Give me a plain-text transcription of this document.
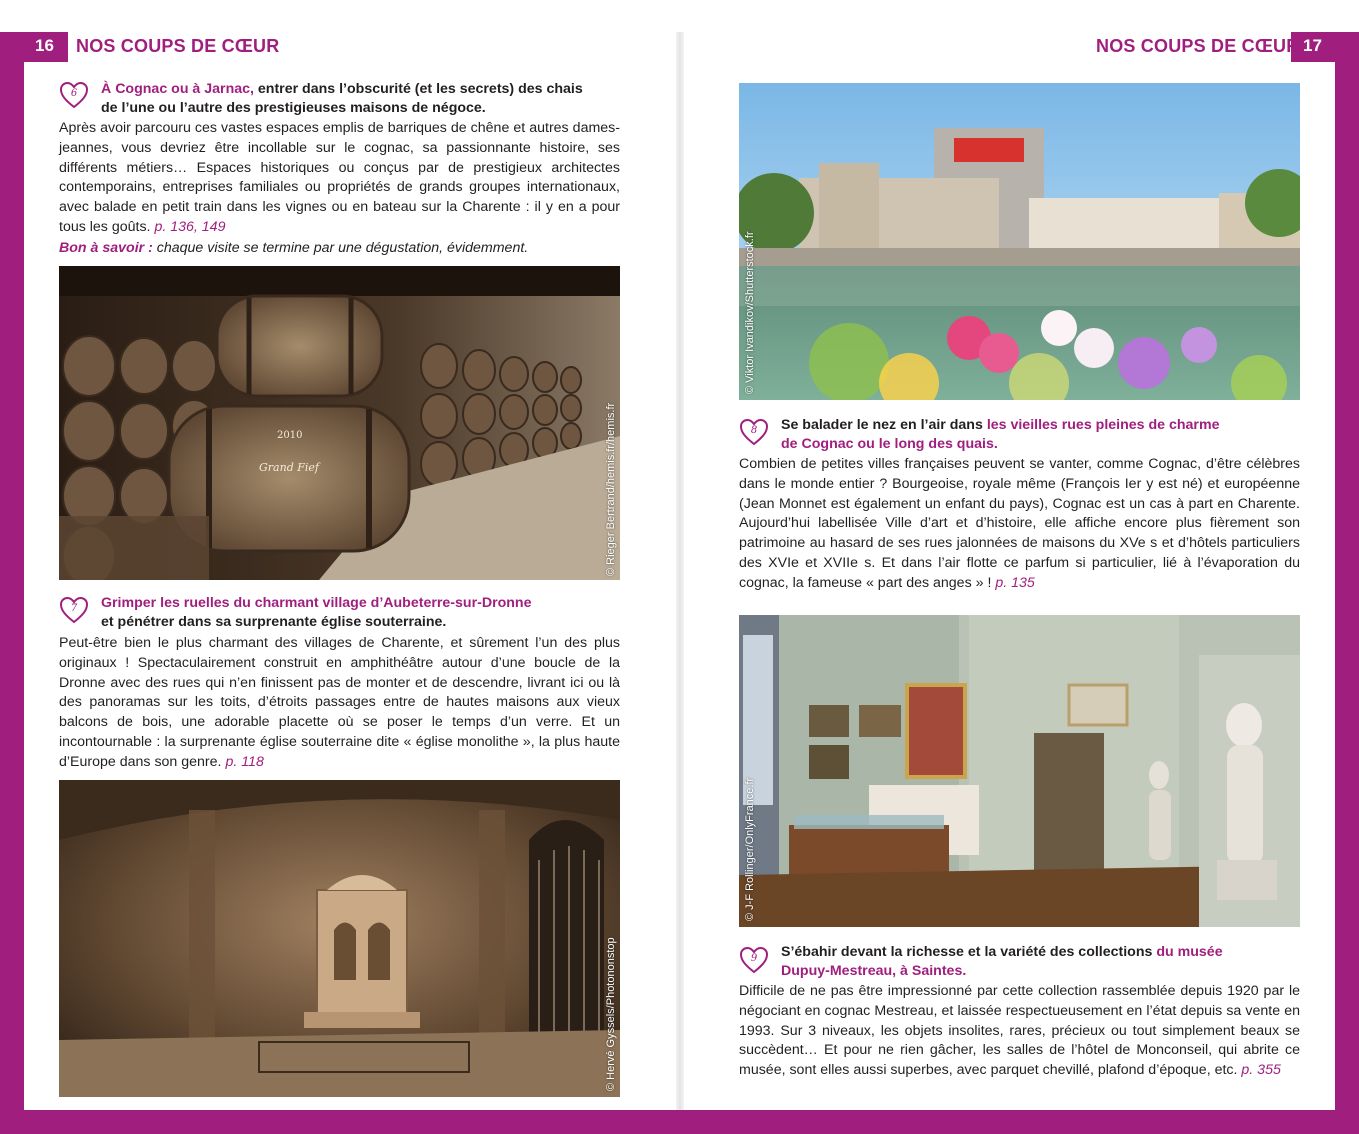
16	17
NOS COUPS DE CŒUR	NOS COUPS DE CŒUR
6	À Cognac ou à Jarnac, entrer dans l’obscurité (et les secrets) des chais
de l’une ou l’autre des prestigieuses maisons de négoce.
Après avoir parcouru ces vastes espaces emplis de barriques de chêne et autres dames-jeannes, vous devriez être incollable sur le cognac, sa passionnante histoire, ses différents métiers… Espaces historiques ou conçus par de prestigieux architectes contemporains, entreprises familiales ou propriétés de grands groupes internationaux, avec balade en petit train dans les vignes ou en bateau sur la Charente : il y en a pour tous les goûts. p. 136, 149
Bon à savoir : chaque visite se termine par une dégustation, évidemment.
2010
Grand Fief	© Rieger Bertrand/hemis.fr/hemis.fr
7	Grimper les ruelles du charmant village d’Aubeterre-sur-Dronne
et pénétrer dans sa surprenante église souterraine.
Peut-être bien le plus charmant des villages de Charente, et sûrement l’un des plus originaux ! Spectaculairement construit en amphithéâtre autour d’une boucle de la Dronne avec des rues qui n’en finissent pas de monter et de descendre, livrant ici ou là des panoramas sur les toits, d’étroits passages entre de hautes maisons aux vieux balcons de bois, une adorable placette où se poser le temps d’un verre. Et un incontournable : la surprenante église souterraine dite « église monolithe », la plus haute d’Europe dans son genre. p. 118
© Hervé Gyssels/Photononstop
© Viktor Ivandikov/Shutterstock.fr
8	Se balader le nez en l’air dans les vieilles rues pleines de charme
de Cognac ou le long des quais.
Combien de petites villes françaises peuvent se vanter, comme Cognac, d’être célèbres dans le monde entier ? Bourgeoise, royale même (François Ier y est né) et européenne (Jean Monnet est également un enfant du pays), Cognac est un cas à part en Charente. Aujourd’hui labellisée Ville d’art et d’histoire, elle affiche encore plus fièrement son patrimoine au hasard de ses rues jalonnées de maisons du XVe s et d’hôtels particuliers des XVIe et XVIIe s. Et dans l’air flotte ce parfum si particulier, lié à l’évaporation du cognac, la fameuse « part des anges » ! p. 135
© J-F Rollinger/OnlyFrance.fr
9	S’ébahir devant la richesse et la variété des collections du musée
Dupuy-Mestreau, à Saintes.
Difficile de ne pas être impressionné par cette collection rassemblée depuis 1920 par le négociant en cognac Mestreau, et laissée respectueusement en l’état depuis sa vente en 1993. Sur 3 niveaux, les objets insolites, rares, précieux ou tout simplement beaux se succèdent… Et pour ne rien gâcher, les salles de l’hôtel de Monconseil, qui abrite ce musée, sont elles aussi superbes, avec parquet chevillé, plafond d’époque, etc. p. 355
